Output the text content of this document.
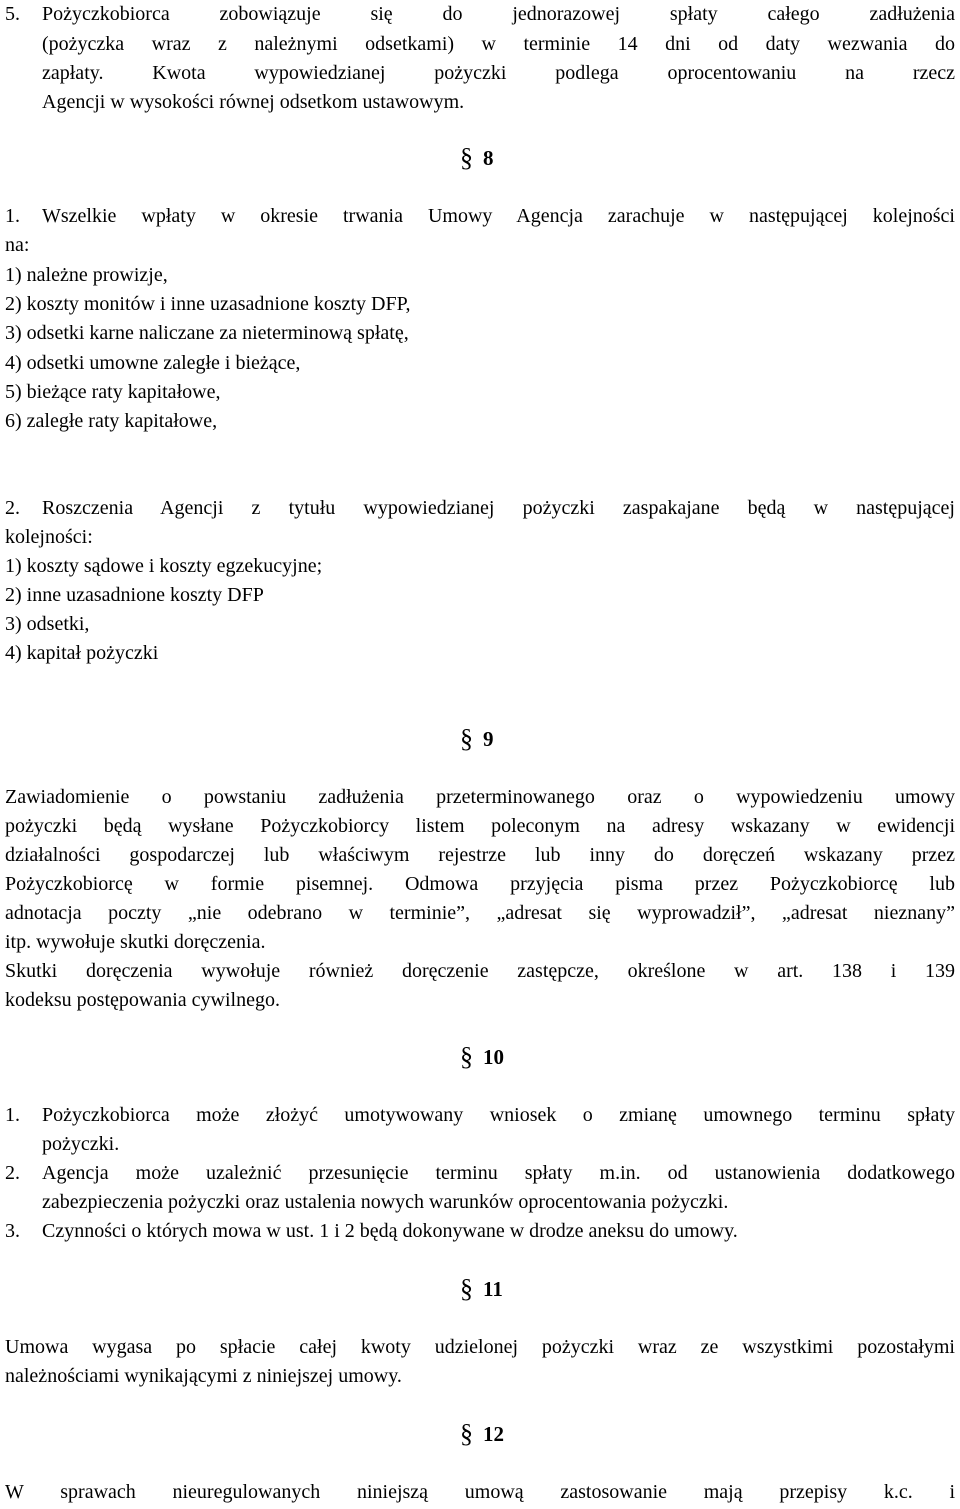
5. Pożyczkobiorca zobowiązuje się do jednorazowej spłaty całego zadłużenia
(pożyczka wraz z należnymi odsetkami) w terminie 14 dni od daty wezwania do
zapłaty. Kwota wypowiedzianej pożyczki podlega oprocentowaniu na rzecz
Agencji w wysokości równej odsetkom ustawowym.
§ 8
1. Wszelkie wpłaty w okresie trwania Umowy Agencja zarachuje w następującej kolejności
na:
1) należne prowizje,
2) koszty monitów i inne uzasadnione koszty DFP,
3) odsetki karne naliczane za nieterminową spłatę,
4) odsetki umowne zaległe i bieżące,
5) bieżące raty kapitałowe,
6) zaległe raty kapitałowe,
2. Roszczenia Agencji z tytułu wypowiedzianej pożyczki zaspakajane będą w następującej
kolejności:
1) koszty sądowe i koszty egzekucyjne;
2) inne uzasadnione koszty DFP
3) odsetki,
4) kapitał pożyczki
§ 9
Zawiadomienie o powstaniu zadłużenia przeterminowanego oraz o wypowiedzeniu umowy
pożyczki będą wysłane Pożyczkobiorcy listem poleconym na adresy wskazany w ewidencji
działalności gospodarczej lub właściwym rejestrze lub inny do doręczeń wskazany przez
Pożyczkobiorcę w formie pisemnej. Odmowa przyjęcia pisma przez Pożyczkobiorcę lub
adnotacja poczty „nie odebrano w terminie”, „adresat się wyprowadził”, „adresat nieznany”
itp. wywołuje skutki doręczenia.
Skutki doręczenia wywołuje również doręczenie zastępcze, określone w art. 138 i 139
kodeksu postępowania cywilnego.
§ 10
1. Pożyczkobiorca może złożyć umotywowany wniosek o zmianę umownego terminu spłaty
pożyczki.
2. Agencja może uzależnić przesunięcie terminu spłaty m.in. od ustanowienia dodatkowego
zabezpieczenia pożyczki oraz ustalenia nowych warunków oprocentowania pożyczki.
3. Czynności o których mowa w ust. 1 i 2 będą dokonywane w drodze aneksu do umowy.
§ 11
Umowa wygasa po spłacie całej kwoty udzielonej pożyczki wraz ze wszystkimi pozostałymi
należnościami wynikającymi z niniejszej umowy.
§ 12
W sprawach nieuregulowanych niniejszą umową zastosowanie mają przepisy k.c. i
